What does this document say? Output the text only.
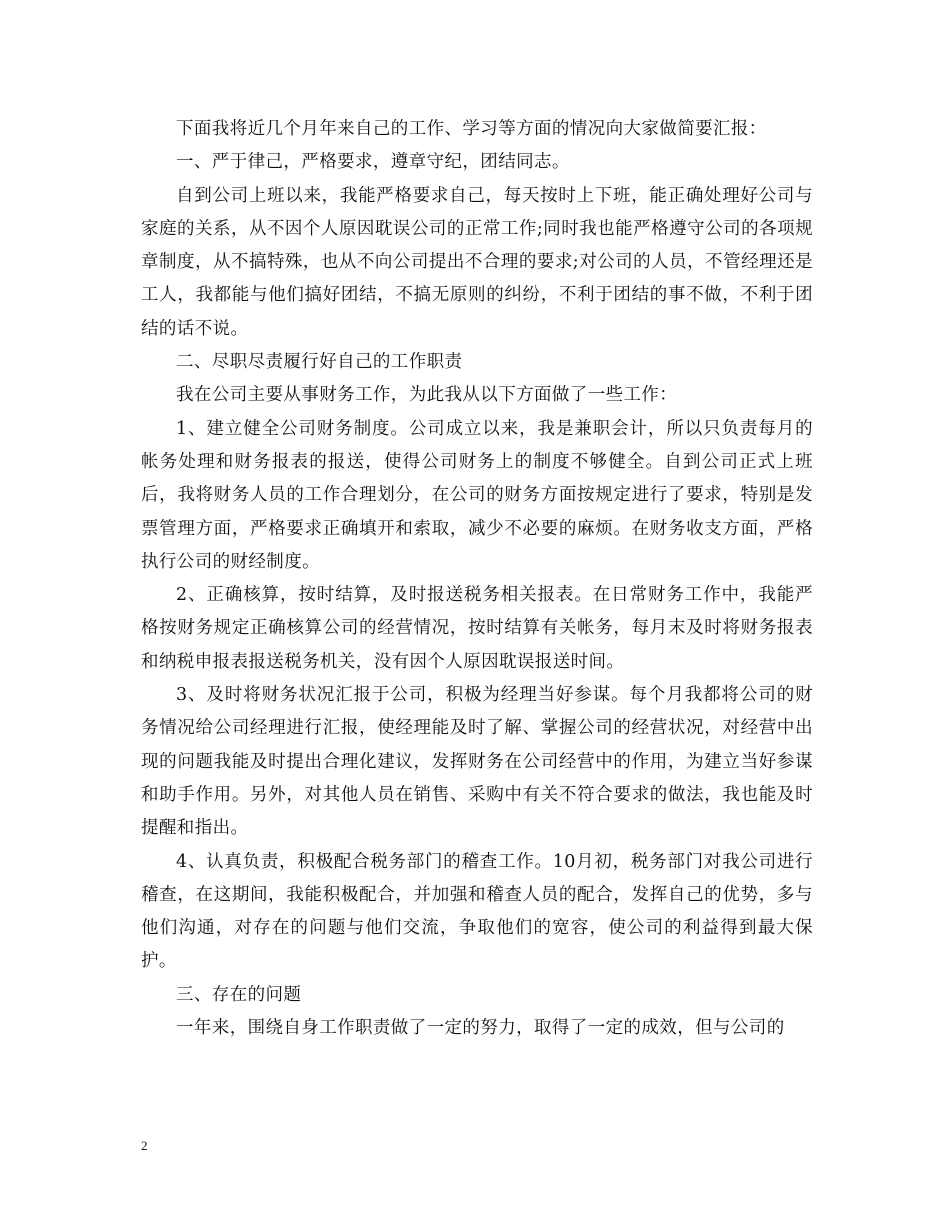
下面我将近几个月年来自己的工作、学习等方面的情况向大家做简要汇报：

一、严于律己，严格要求，遵章守纪，团结同志。

自到公司上班以来，我能严格要求自己，每天按时上下班，能正确处理好公司与家庭的关系，从不因个人原因耽误公司的正常工作;同时我也能严格遵守公司的各项规章制度，从不搞特殊，也从不向公司提出不合理的要求;对公司的人员，不管经理还是工人，我都能与他们搞好团结，不搞无原则的纠纷，不利于团结的事不做，不利于团结的话不说。

二、尽职尽责履行好自己的工作职责

我在公司主要从事财务工作，为此我从以下方面做了一些工作：

1、建立健全公司财务制度。公司成立以来，我是兼职会计，所以只负责每月的帐务处理和财务报表的报送，使得公司财务上的制度不够健全。自到公司正式上班后，我将财务人员的工作合理划分，在公司的财务方面按规定进行了要求，特别是发票管理方面，严格要求正确填开和索取，减少不必要的麻烦。在财务收支方面，严格执行公司的财经制度。

2、正确核算，按时结算，及时报送税务相关报表。在日常财务工作中，我能严格按财务规定正确核算公司的经营情况，按时结算有关帐务，每月末及时将财务报表和纳税申报表报送税务机关，没有因个人原因耽误报送时间。

3、及时将财务状况汇报于公司，积极为经理当好参谋。每个月我都将公司的财务情况给公司经理进行汇报，使经理能及时了解、掌握公司的经营状况，对经营中出现的问题我能及时提出合理化建议，发挥财务在公司经营中的作用，为建立当好参谋和助手作用。另外，对其他人员在销售、采购中有关不符合要求的做法，我也能及时提醒和指出。

4、认真负责，积极配合税务部门的稽查工作。10月初，税务部门对我公司进行稽查，在这期间，我能积极配合，并加强和稽查人员的配合，发挥自己的优势，多与他们沟通，对存在的问题与他们交流，争取他们的宽容，使公司的利益得到最大保护。

三、存在的问题

一年来，围绕自身工作职责做了一定的努力，取得了一定的成效，但与公司的

2
